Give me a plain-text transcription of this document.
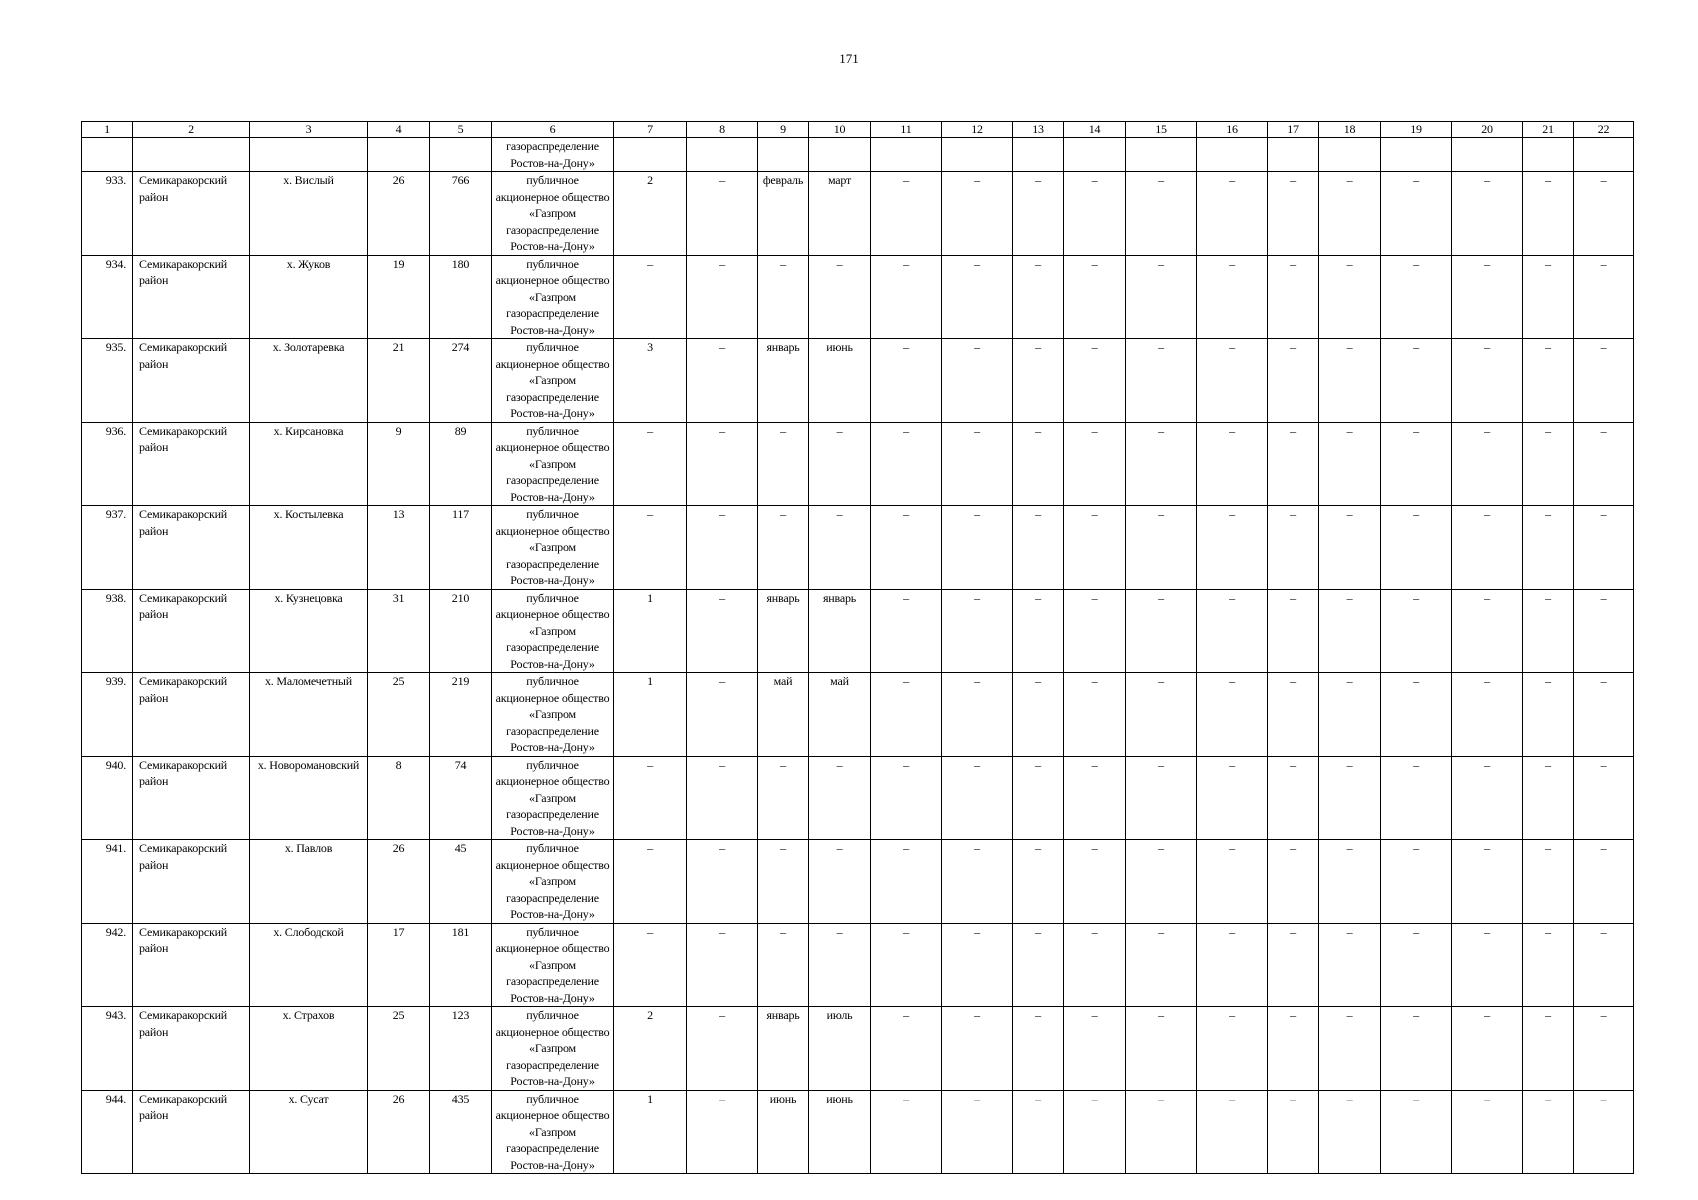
171
1	2	3	4	5	6	7	8	9	10	11	12	13	14	15	16	17	18	19	20	21	22
					газораспределение Ростов-на-Дону»																
933.	Семикаракорский район	х. Вислый	26	766	публичное акционерное общество «Газпром газораспределение Ростов-на-Дону»	2	–	февраль	март	–	–	–	–	–	–	–	–	–	–	–	–
934.	Семикаракорский район	х. Жуков	19	180	публичное акционерное общество «Газпром газораспределение Ростов-на-Дону»	–	–	–	–	–	–	–	–	–	–	–	–	–	–	–	–
935.	Семикаракорский район	х. Золотаревка	21	274	публичное акционерное общество «Газпром газораспределение Ростов-на-Дону»	3	–	январь	июнь	–	–	–	–	–	–	–	–	–	–	–	–
936.	Семикаракорский район	х. Кирсановка	9	89	публичное акционерное общество «Газпром газораспределение Ростов-на-Дону»	–	–	–	–	–	–	–	–	–	–	–	–	–	–	–	–
937.	Семикаракорский район	х. Костылевка	13	117	публичное акционерное общество «Газпром газораспределение Ростов-на-Дону»	–	–	–	–	–	–	–	–	–	–	–	–	–	–	–	–
938.	Семикаракорский район	х. Кузнецовка	31	210	публичное акционерное общество «Газпром газораспределение Ростов-на-Дону»	1	–	январь	январь	–	–	–	–	–	–	–	–	–	–	–	–
939.	Семикаракорский район	х. Маломечетный	25	219	публичное акционерное общество «Газпром газораспределение Ростов-на-Дону»	1	–	май	май	–	–	–	–	–	–	–	–	–	–	–	–
940.	Семикаракорский район	х. Новоромановский	8	74	публичное акционерное общество «Газпром газораспределение Ростов-на-Дону»	–	–	–	–	–	–	–	–	–	–	–	–	–	–	–	–
941.	Семикаракорский район	х. Павлов	26	45	публичное акционерное общество «Газпром газораспределение Ростов-на-Дону»	–	–	–	–	–	–	–	–	–	–	–	–	–	–	–	–
942.	Семикаракорский район	х. Слободской	17	181	публичное акционерное общество «Газпром газораспределение Ростов-на-Дону»	–	–	–	–	–	–	–	–	–	–	–	–	–	–	–	–
943.	Семикаракорский район	х. Страхов	25	123	публичное акционерное общество «Газпром газораспределение Ростов-на-Дону»	2	–	январь	июль	–	–	–	–	–	–	–	–	–	–	–	–
944.	Семикаракорский район	х. Сусат	26	435	публичное акционерное общество «Газпром газораспределение Ростов-на-Дону»	1	–	июнь	июнь	–	–	–	–	–	–	–	–	–	–	–	–
